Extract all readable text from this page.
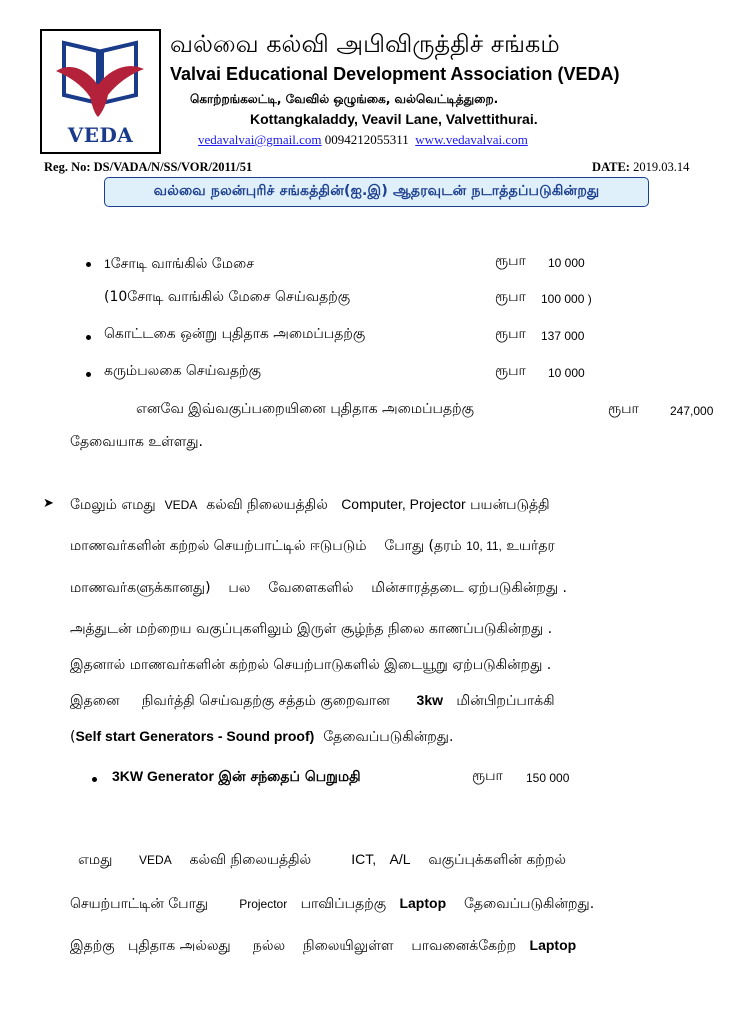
VEDA
வல்வை கல்வி அபிவிருத்திச் சங்கம்
Valvai Educational Development Association (VEDA)
கொற்றங்கலட்டி, வேவில் ஒழுங்கை, வல்வெட்டித்துறை.
Kottangkaladdy, Veavil Lane, Valvettithurai.
vedavalvai@gmail.com 0094212055311 www.vedavalvai.com
Reg. No: DS/VADA/N/SS/VOR/2011/51	DATE: 2019.03.14
வல்வை நலன்புரிச் சங்கத்தின்(ஐ.இ) ஆதரவுடன் நடாத்தப்படுகின்றது
1சோடி வாங்கில் மேசை	ரூபா 10 000
(10சோடி வாங்கில் மேசை செய்வதற்கு	ரூபா 100 000 )
கொட்டகை ஒன்று புதிதாக அமைப்பதற்கு	ரூபா 137 000
கரும்பலகை செய்வதற்கு	ரூபா 10 000
எனவே இவ்வகுப்பறையினை புதிதாக அமைப்பதற்கு	ரூபா	247,000
தேவையாக உள்ளது.
➤ மேலும் எமது VEDA கல்வி நிலையத்தில் Computer, Projector பயன்படுத்தி
மாணவர்களின் கற்றல் செயற்பாட்டில் ஈடுபடும் போது (தரம் 10, 11, உயர்தர
மாணவர்களுக்கானது) பல வேளைகளில் மின்சாரத்தடை ஏற்படுகின்றது .
அத்துடன் மற்றைய வகுப்புகளிலும் இருள் சூழ்ந்த நிலை காணப்படுகின்றது .
இதனால் மாணவர்களின் கற்றல் செயற்பாடுகளில் இடையூறு ஏற்படுகின்றது .
இதனை நிவர்த்தி செய்வதற்கு சத்தம் குறைவான 3kw மின்பிறப்பாக்கி
(Self start Generators - Sound proof) தேவைப்படுகின்றது.
3KW Generator இன் சந்தைப் பெறுமதி	ரூபா 150 000
எமது VEDA கல்வி நிலையத்தில்	ICT, A/L வகுப்புக்களின் கற்றல்
செயற்பாட்டின் போது	Projector பாவிப்பதற்கு Laptop தேவைப்படுகின்றது.
இதற்கு புதிதாக அல்லது நல்ல நிலையிலுள்ள பாவனைக்கேற்ற Laptop
